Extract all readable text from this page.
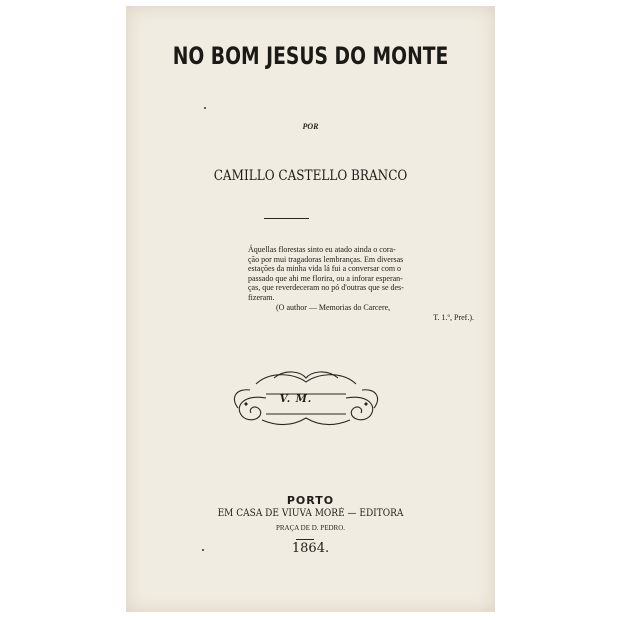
NO BOM JESUS DO MONTE
POR
CAMILLO CASTELLO BRANCO
Áquellas florestas sinto eu atado ainda o cora-
ção por mui tragadoras lembranças. Em diversas
estações da minha vida lá fui a conversar com o
passado que ahi me florira, ou a inforar esperan-
ças, que reverdeceram no pó d'outras que se des-
fizeram.
(O author — Memorias do Carcere,
T. 1.º, Pref.).
V. M.
PORTO
EM CASA DE VIUVA MORÉ — EDITORA
PRAÇA DE D. PEDRO.
1864.
